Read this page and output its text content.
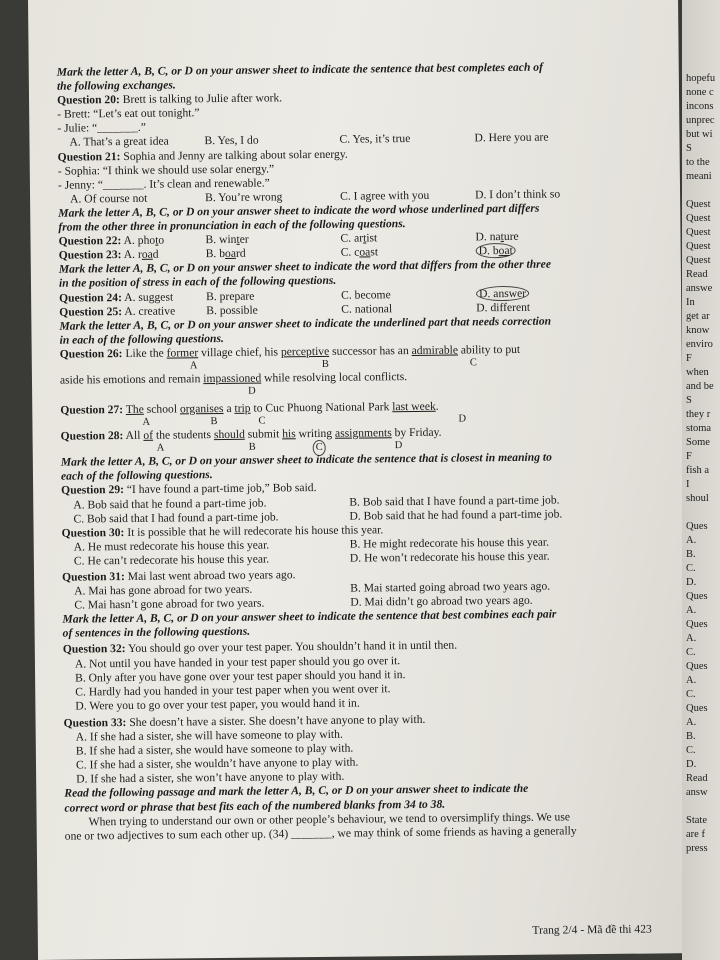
Mark the letter A, B, C, or D on your answer sheet to indicate the sentence that best completes each of
the following exchanges.
Question 20: Brett is talking to Julie after work.
- Brett: “Let’s eat out tonight.”
- Julie: “_______.”
A. That’s a great idea	B. Yes, I do	C. Yes, it’s true	D. Here you are
Question 21: Sophia and Jenny are talking about solar energy.
- Sophia: “I think we should use solar energy.”
- Jenny: “_______. It’s clean and renewable.”
A. Of course not	B. You’re wrong	C. I agree with you	D. I don’t think so
Mark the letter A, B, C, or D on your answer sheet to indicate the word whose underlined part differs
from the other three in pronunciation in each of the following questions.
Question 22: A. photo	B. winter	C. artist	D. nature
Question 23: A. road	B. board	C. coast	D. boat
Mark the letter A, B, C, or D on your answer sheet to indicate the word that differs from the other three
in the position of stress in each of the following questions.
Question 24: A. suggest	B. prepare	C. become	D. answer
Question 25: A. creative	B. possible	C. national	D. different
Mark the letter A, B, C, or D on your answer sheet to indicate the underlined part that needs correction
in each of the following questions.
Question 26: Like the former village chief, his perceptive successor has an admirable ability to put
A	B	C
aside his emotions and remain impassioned while resolving local conflicts.
D
Question 27: The school organises a trip to Cuc Phuong National Park last week.
A	B	C	D
Question 28: All of the students should submit his writing assignments by Friday.
A	B	C	D
Mark the letter A, B, C, or D on your answer sheet to indicate the sentence that is closest in meaning to
each of the following questions.
Question 29: “I have found a part-time job,” Bob said.
A. Bob said that he found a part-time job.	B. Bob said that I have found a part-time job.
C. Bob said that I had found a part-time job.	D. Bob said that he had found a part-time job.
Question 30: It is possible that he will redecorate his house this year.
A. He must redecorate his house this year.	B. He might redecorate his house this year.
C. He can’t redecorate his house this year.	D. He won’t redecorate his house this year.
Question 31: Mai last went abroad two years ago.
A. Mai has gone abroad for two years.	B. Mai started going abroad two years ago.
C. Mai hasn’t gone abroad for two years.	D. Mai didn’t go abroad two years ago.
Mark the letter A, B, C, or D on your answer sheet to indicate the sentence that best combines each pair
of sentences in the following questions.
Question 32: You should go over your test paper. You shouldn’t hand it in until then.
A. Not until you have handed in your test paper should you go over it.
B. Only after you have gone over your test paper should you hand it in.
C. Hardly had you handed in your test paper when you went over it.
D. Were you to go over your test paper, you would hand it in.
Question 33: She doesn’t have a sister. She doesn’t have anyone to play with.
A. If she had a sister, she will have someone to play with.
B. If she had a sister, she would have someone to play with.
C. If she had a sister, she wouldn’t have anyone to play with.
D. If she had a sister, she won’t have anyone to play with.
Read the following passage and mark the letter A, B, C, or D on your answer sheet to indicate the
correct word or phrase that best fits each of the numbered blanks from 34 to 38.
When trying to understand our own or other people’s behaviour, we tend to oversimplify things. We use
one or two adjectives to sum each other up. (34) _______, we may think of some friends as having a generally
Trang 2/4 - Mã đề thi 423
hopefu
none c
incons
unprec
but wi
S
to the
meani
Quest
Quest
Quest
Quest
Quest
Read
answe
In
get ar
know
enviro
F
when
and be
S
they r
stoma
Some
F
fish a
I
shoul
Ques
A.
B.
C.
D.
Ques
A.
Ques
A.
C.
Ques
A.
C.
Ques
A.
B.
C.
D.
Read
answ
State
are f
press
